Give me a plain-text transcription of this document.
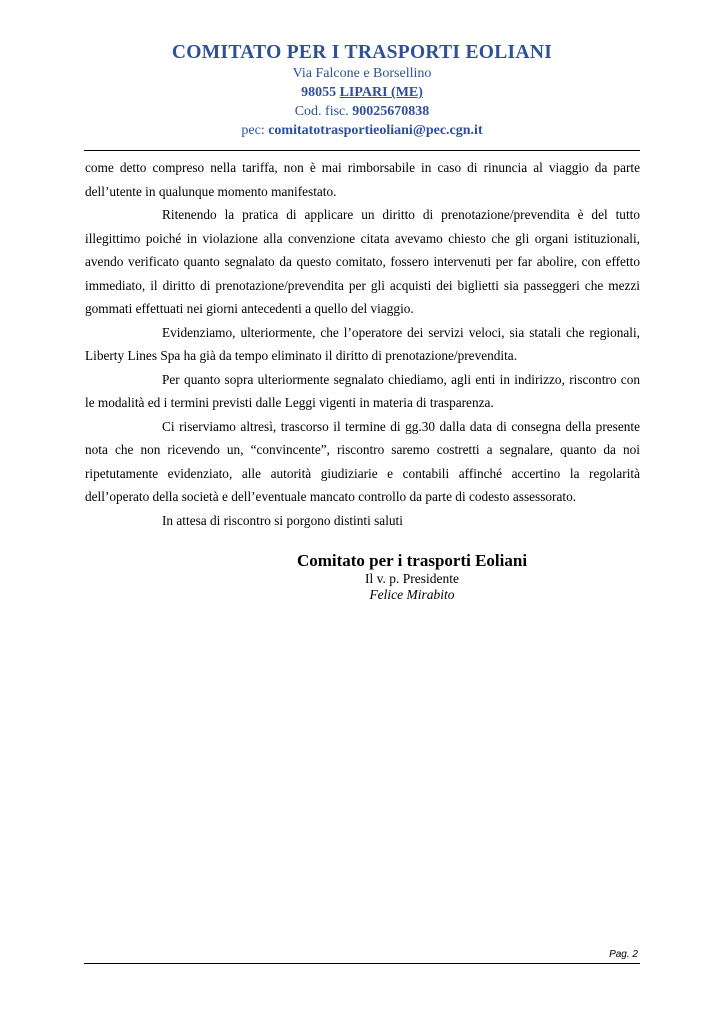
COMITATO PER I TRASPORTI EOLIANI
Via Falcone e Borsellino
98055 LIPARI (ME)
Cod. fisc. 90025670838
pec: comitatotrasportieoliani@pec.cgn.it

come detto compreso nella tariffa, non è mai rimborsabile in caso di rinuncia al viaggio da parte dell’utente in qualunque momento manifestato.

Ritenendo la pratica di applicare un diritto di prenotazione/prevendita è del tutto illegittimo poiché in violazione alla convenzione citata avevamo chiesto che gli organi istituzionali, avendo verificato quanto segnalato da questo comitato, fossero intervenuti per far abolire, con effetto immediato, il diritto di prenotazione/prevendita per gli acquisti dei biglietti sia passeggeri che mezzi gommati effettuati nei giorni antecedenti a quello del viaggio.

Evidenziamo, ulteriormente, che l’operatore dei servizi veloci, sia statali che regionali, Liberty Lines Spa ha già da tempo eliminato il diritto di prenotazione/prevendita.

Per quanto sopra ulteriormente segnalato chiediamo, agli enti in indirizzo, riscontro con le modalità ed i termini previsti dalle Leggi vigenti in materia di trasparenza.

Ci riserviamo altresì, trascorso il termine di gg.30 dalla data di consegna della presente nota che non ricevendo un, “convincente”, riscontro saremo costretti a segnalare, quanto da noi ripetutamente evidenziato, alle autorità giudiziarie e contabili affinché accertino la regolarità dell’operato della società e dell’eventuale mancato controllo da parte di codesto assessorato.

In attesa di riscontro si porgono distinti saluti

Comitato per i trasporti Eoliani
Il v. p. Presidente
Felice Mirabito
Pag. 2
